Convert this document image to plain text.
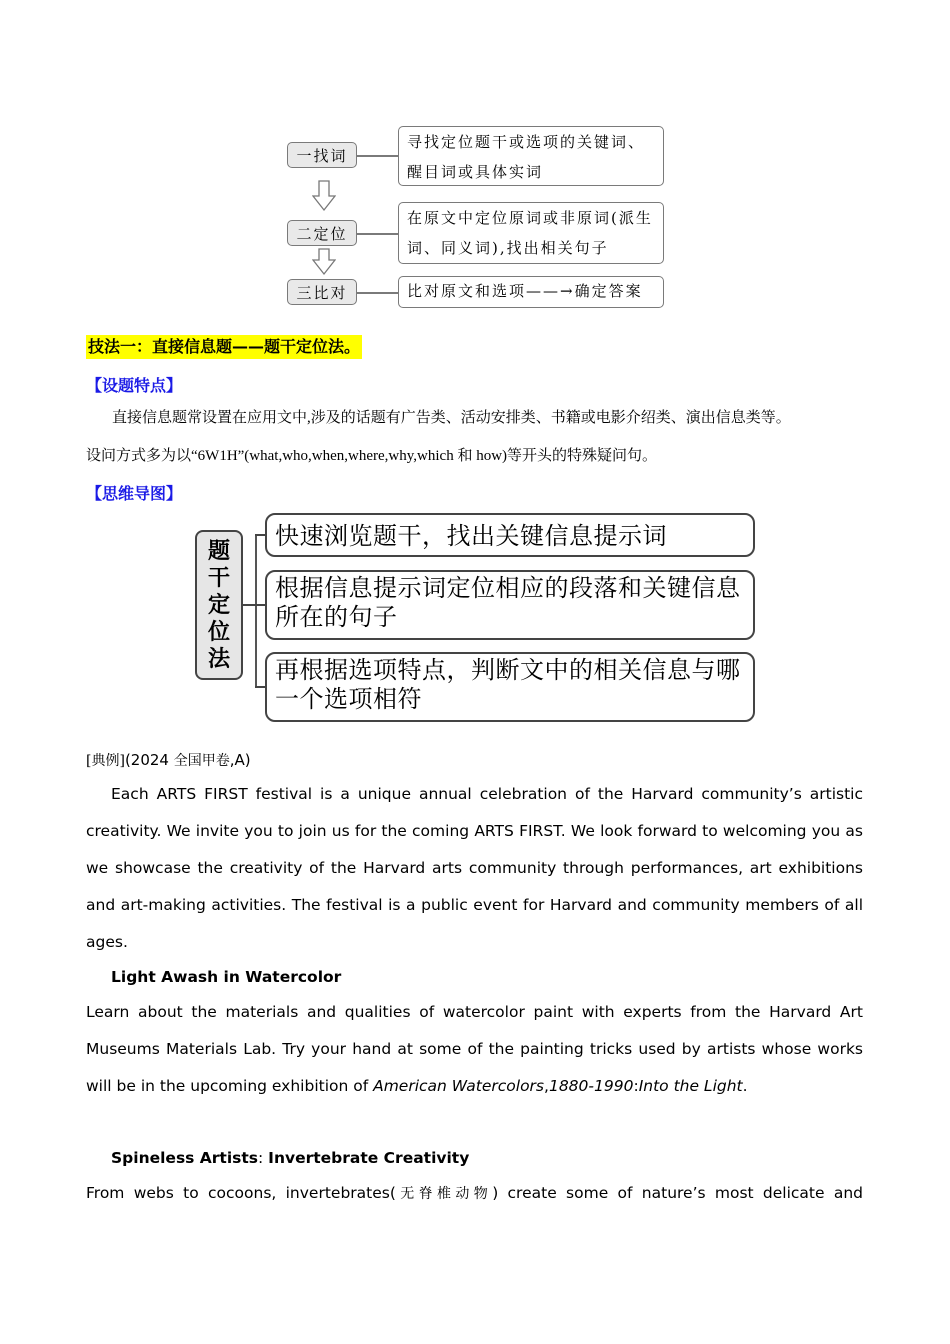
一找词
寻找定位题干或选项的关键词、醒目词或具体实词
二定位
在原文中定位原词或非原词(派生词、同义词),找出相关句子
三比对	比对原文和选项——→确定答案
技法一：直接信息题——题干定位法。
【设题特点】
直接信息题常设置在应用文中,涉及的话题有广告类、活动安排类、书籍或电影介绍类、演出信息类等。
设问方式多为以“6W1H”(what,who,when,where,why,which 和 how)等开头的特殊疑问句。
【思维导图】
题
干
定
位
法
快速浏览题干，找出关键信息提示词
根据信息提示词定位相应的段落和关键信息所在的句子
再根据选项特点，判断文中的相关信息与哪一个选项相符
[典例](2024 全国甲卷,A)
Each ARTS FIRST festival is a unique annual celebration of the Harvard community’s artistic creativity. We invite you to join us for the coming ARTS FIRST. We look forward to welcoming you as we showcase the creativity of the Harvard arts community through performances, art exhibitions and art-making activities. The festival is a public event for Harvard and community members of all ages.
Light Awash in Watercolor
Learn about the materials and qualities of watercolor paint with experts from the Harvard Art Museums Materials Lab. Try your hand at some of the painting tricks used by artists whose works will be in the upcoming exhibition of American Watercolors,1880-1990:Into the Light.
Spineless Artists: Invertebrate Creativity
From webs to cocoons, invertebrates(无脊椎动物) create some of nature’s most delicate and
